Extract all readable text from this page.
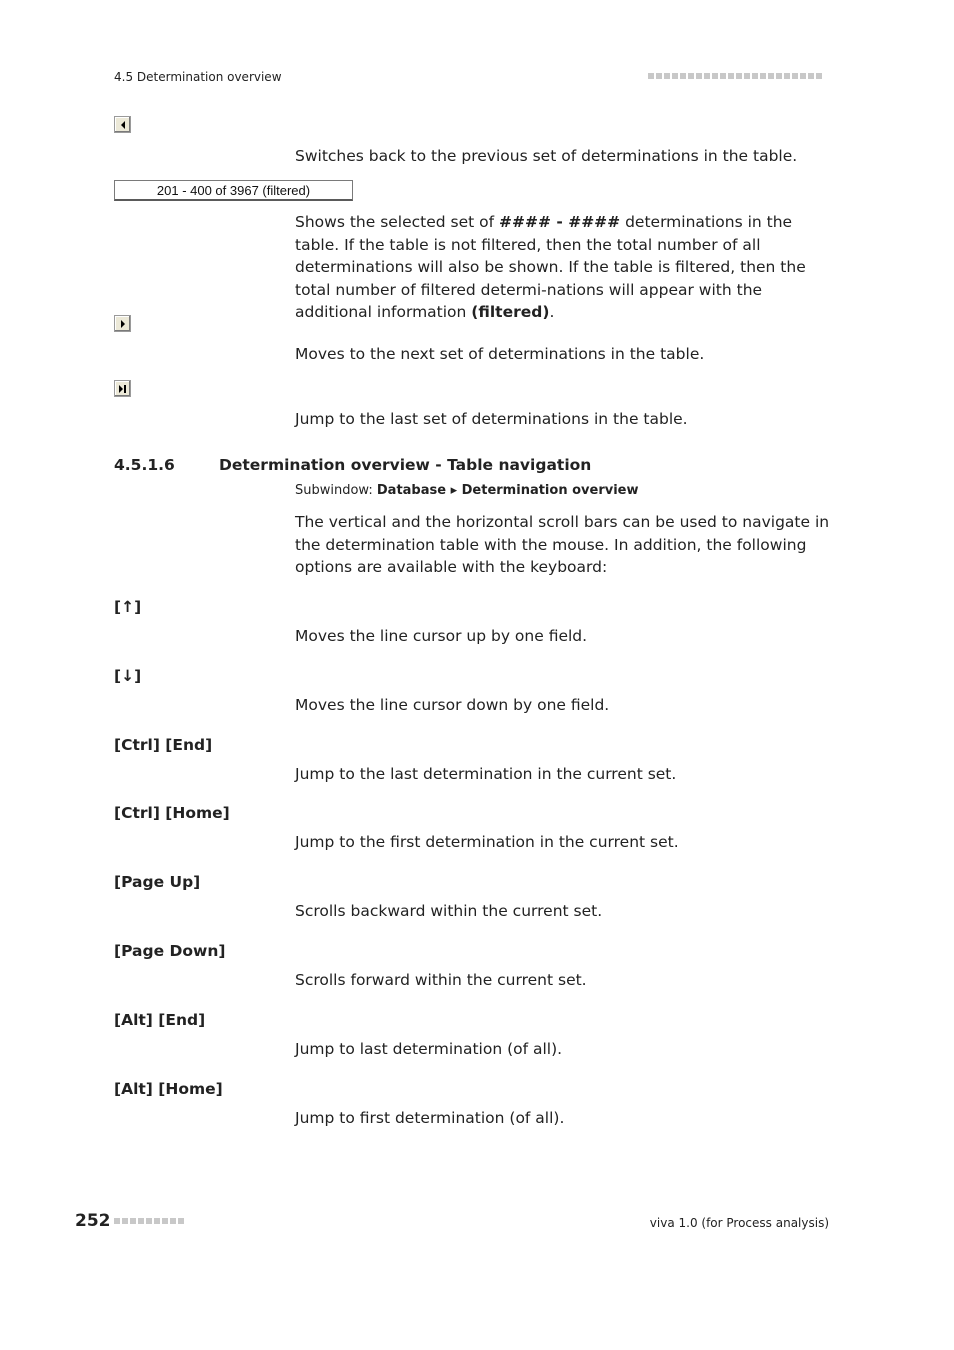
4.5 Determination overview
Switches back to the previous set of determinations in the table.
201 - 400 of 3967 (filtered)
Shows the selected set of #### - #### determinations in the table. If the table is not filtered, then the total number of all determinations will also be shown. If the table is filtered, then the total number of filtered determi-nations will appear with the additional information (filtered).
Moves to the next set of determinations in the table.
Jump to the last set of determinations in the table.
4.5.1.6	Determination overview - Table navigation
Subwindow: Database ▸ Determination overview
The vertical and the horizontal scroll bars can be used to navigate in the determination table with the mouse. In addition, the following options are available with the keyboard:
[↑]
Moves the line cursor up by one field.
[↓]
Moves the line cursor down by one field.
[Ctrl] [End]
Jump to the last determination in the current set.
[Ctrl] [Home]
Jump to the first determination in the current set.
[Page Up]
Scrolls backward within the current set.
[Page Down]
Scrolls forward within the current set.
[Alt] [End]
Jump to last determination (of all).
[Alt] [Home]
Jump to first determination (of all).
252	viva 1.0 (for Process analysis)
